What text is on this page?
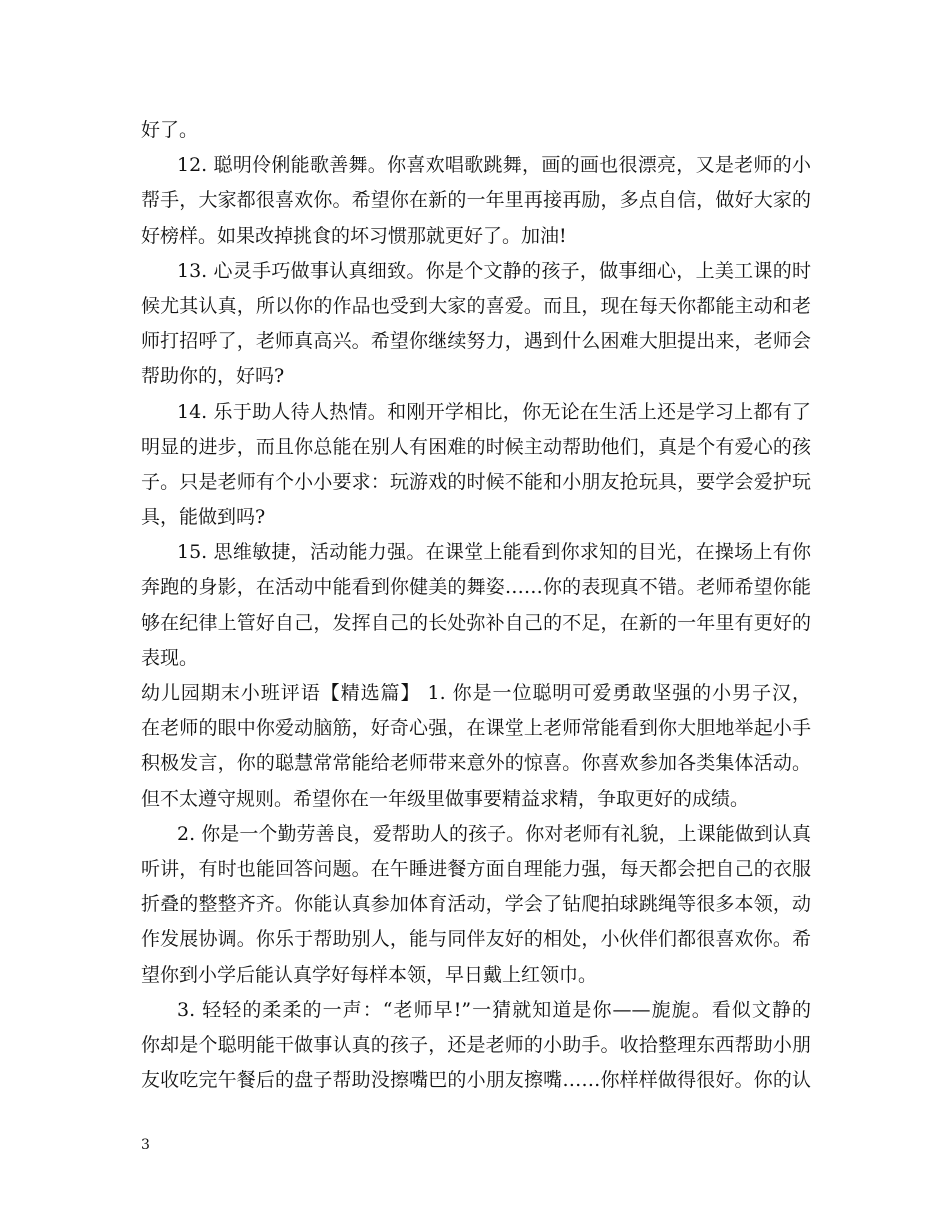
好了。
12. 聪明伶俐能歌善舞。你喜欢唱歌跳舞，画的画也很漂亮，又是老师的小
帮手，大家都很喜欢你。希望你在新的一年里再接再励，多点自信，做好大家的
好榜样。如果改掉挑食的坏习惯那就更好了。加油!
13. 心灵手巧做事认真细致。你是个文静的孩子，做事细心，上美工课的时
候尤其认真，所以你的作品也受到大家的喜爱。而且，现在每天你都能主动和老
师打招呼了，老师真高兴。希望你继续努力，遇到什么困难大胆提出来，老师会
帮助你的，好吗?
14. 乐于助人待人热情。和刚开学相比，你无论在生活上还是学习上都有了
明显的进步，而且你总能在别人有困难的时候主动帮助他们，真是个有爱心的孩
子。只是老师有个小小要求：玩游戏的时候不能和小朋友抢玩具，要学会爱护玩
具，能做到吗?
15. 思维敏捷，活动能力强。在课堂上能看到你求知的目光，在操场上有你
奔跑的身影，在活动中能看到你健美的舞姿……你的表现真不错。老师希望你能
够在纪律上管好自己，发挥自己的长处弥补自己的不足，在新的一年里有更好的
表现。
幼儿园期末小班评语【精选篇】 1. 你是一位聪明可爱勇敢坚强的小男子汉，
在老师的眼中你爱动脑筋，好奇心强，在课堂上老师常能看到你大胆地举起小手
积极发言，你的聪慧常常能给老师带来意外的惊喜。你喜欢参加各类集体活动。
但不太遵守规则。希望你在一年级里做事要精益求精，争取更好的成绩。
2. 你是一个勤劳善良，爱帮助人的孩子。你对老师有礼貌，上课能做到认真
听讲，有时也能回答问题。在午睡进餐方面自理能力强，每天都会把自己的衣服
折叠的整整齐齐。你能认真参加体育活动，学会了钻爬拍球跳绳等很多本领，动
作发展协调。你乐于帮助别人，能与同伴友好的相处，小伙伴们都很喜欢你。希
望你到小学后能认真学好每样本领，早日戴上红领巾。
3. 轻轻的柔柔的一声：“老师早!”一猜就知道是你——旎旎。看似文静的
你却是个聪明能干做事认真的孩子，还是老师的小助手。收拾整理东西帮助小朋
友收吃完午餐后的盘子帮助没擦嘴巴的小朋友擦嘴……你样样做得很好。你的认
3
